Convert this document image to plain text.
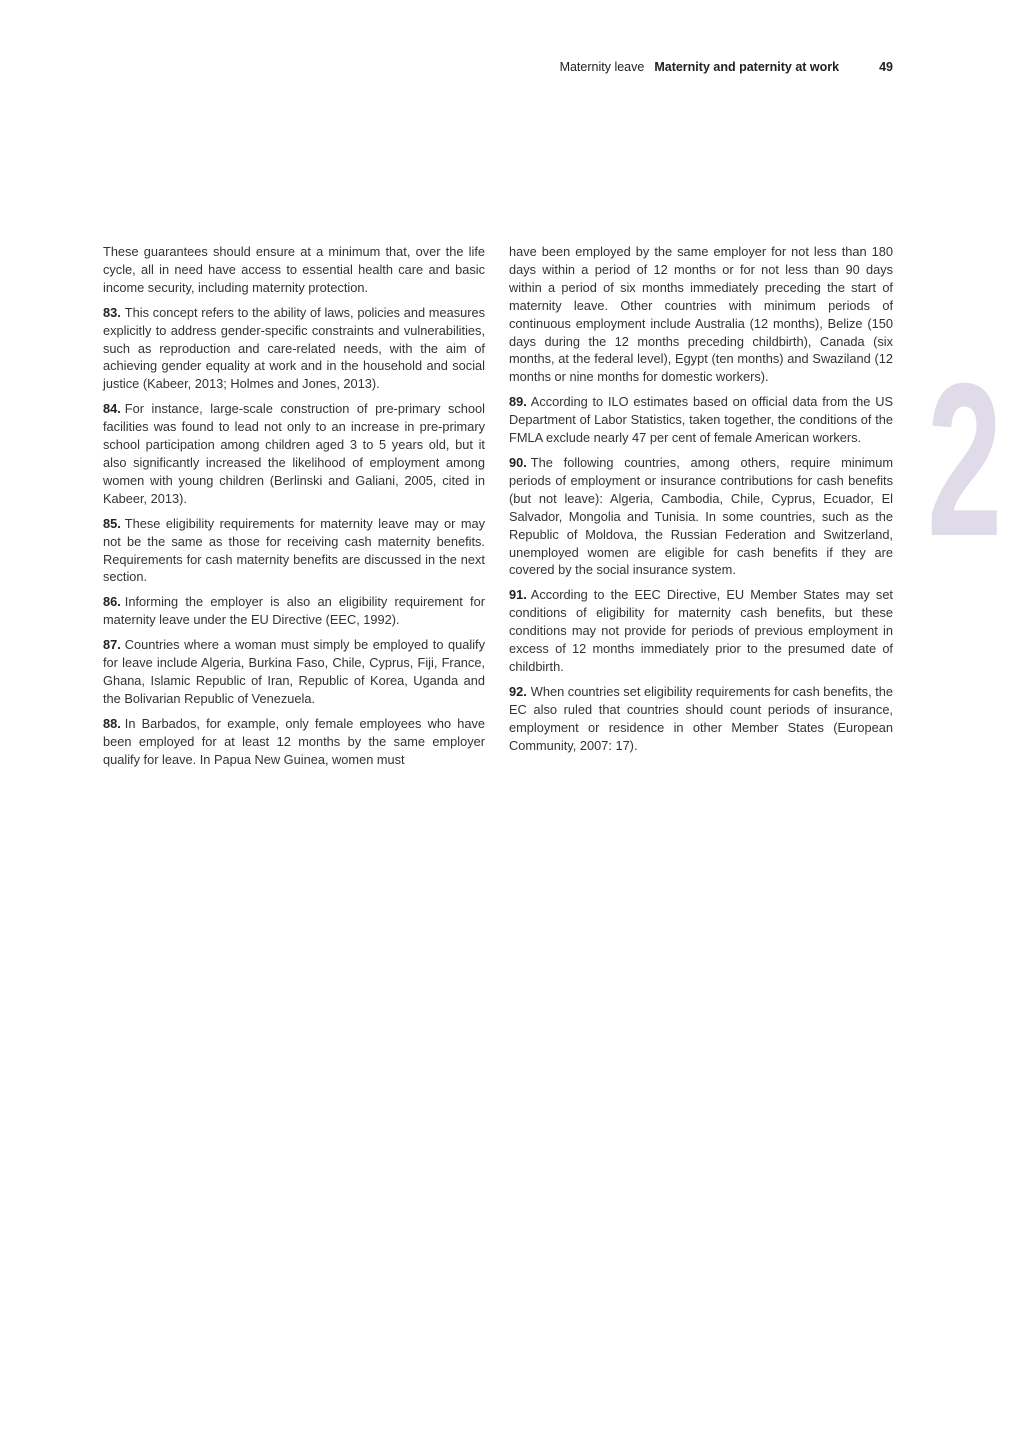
Maternity leave Maternity and paternity at work	49
2

These guarantees should ensure at a minimum that, over the life cycle, all in need have access to essential health care and basic income security, including maternity protection.

83. This concept refers to the ability of laws, policies and measures explicitly to address gender-specific constraints and vulnerabilities, such as reproduction and care-related needs, with the aim of achieving gender equality at work and in the household and social justice (Kabeer, 2013; Holmes and Jones, 2013).

84. For instance, large-scale construction of pre-primary school facilities was found to lead not only to an increase in pre-primary school participation among children aged 3 to 5 years old, but it also significantly increased the likelihood of employment among women with young children (Berlinski and Galiani, 2005, cited in Kabeer, 2013).

85. These eligibility requirements for maternity leave may or may not be the same as those for receiving cash maternity benefits. Requirements for cash maternity benefits are discussed in the next section.

86. Informing the employer is also an eligibility requirement for maternity leave under the EU Directive (EEC, 1992).

87. Countries where a woman must simply be employed to qualify for leave include Algeria, Burkina Faso, Chile, Cyprus, Fiji, France, Ghana, Islamic Republic of Iran, Republic of Korea, Uganda and the Bolivarian Republic of Venezuela.

88. In Barbados, for example, only female employees who have been employed for at least 12 months by the same employer qualify for leave. In Papua New Guinea, women must

have been employed by the same employer for not less than 180 days within a period of 12 months or for not less than 90 days within a period of six months immediately preceding the start of maternity leave. Other countries with minimum periods of continuous employment include Australia (12 months), Belize (150 days during the 12 months preceding childbirth), Canada (six months, at the federal level), Egypt (ten months) and Swaziland (12 months or nine months for domestic workers).

89. According to ILO estimates based on official data from the US Department of Labor Statistics, taken together, the conditions of the FMLA exclude nearly 47 per cent of female American workers.

90. The following countries, among others, require minimum periods of employment or insurance contributions for cash benefits (but not leave): Algeria, Cambodia, Chile, Cyprus, Ecuador, El Salvador, Mongolia and Tunisia. In some countries, such as the Republic of Moldova, the Russian Federation and Switzerland, unemployed women are eligible for cash benefits if they are covered by the social insurance system.

91. According to the EEC Directive, EU Member States may set conditions of eligibility for maternity cash benefits, but these conditions may not provide for periods of previous employment in excess of 12 months immediately prior to the presumed date of childbirth.

92. When countries set eligibility requirements for cash benefits, the EC also ruled that countries should count periods of insurance, employment or residence in other Member States (European Community, 2007: 17).
